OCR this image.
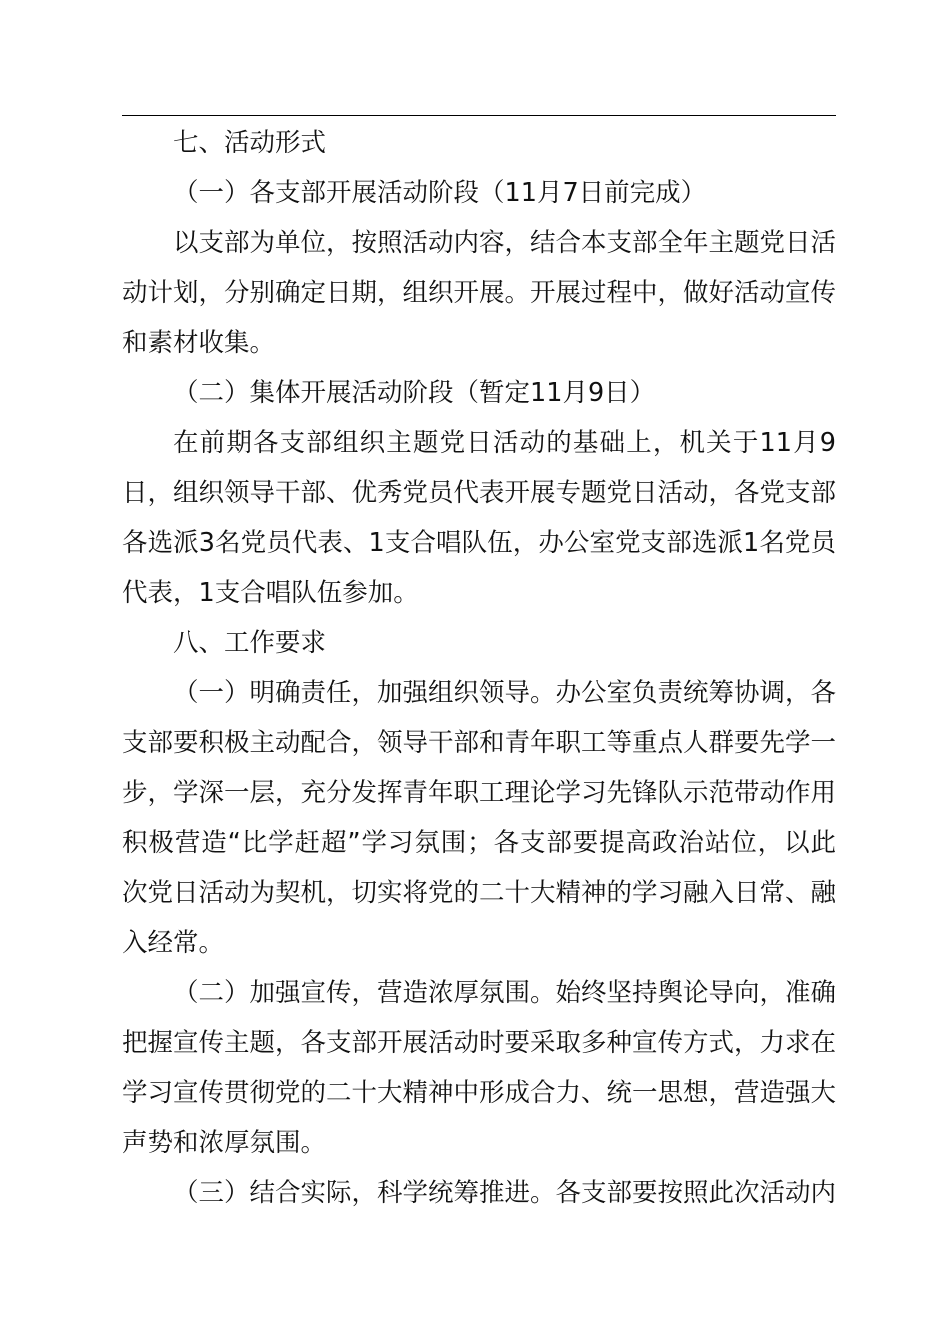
七、活动形式

（一）各支部开展活动阶段（11月7日前完成）

以支部为单位，按照活动内容，结合本支部全年主题党日活动计划，分别确定日期，组织开展。开展过程中，做好活动宣传和素材收集。

（二）集体开展活动阶段（暂定11月9日）

在前期各支部组织主题党日活动的基础上，机关于11月9日，组织领导干部、优秀党员代表开展专题党日活动，各党支部各选派3名党员代表、1支合唱队伍，办公室党支部选派1名党员代表，1支合唱队伍参加。

八、工作要求

（一）明确责任，加强组织领导。办公室负责统筹协调，各支部要积极主动配合，领导干部和青年职工等重点人群要先学一步，学深一层，充分发挥青年职工理论学习先锋队示范带动作用积极营造“比学赶超”学习氛围；各支部要提高政治站位，以此次党日活动为契机，切实将党的二十大精神的学习融入日常、融入经常。

（二）加强宣传，营造浓厚氛围。始终坚持舆论导向，准确把握宣传主题，各支部开展活动时要采取多种宣传方式，力求在学习宣传贯彻党的二十大精神中形成合力、统一思想，营造强大声势和浓厚氛围。

（三）结合实际，科学统筹推进。各支部要按照此次活动内
